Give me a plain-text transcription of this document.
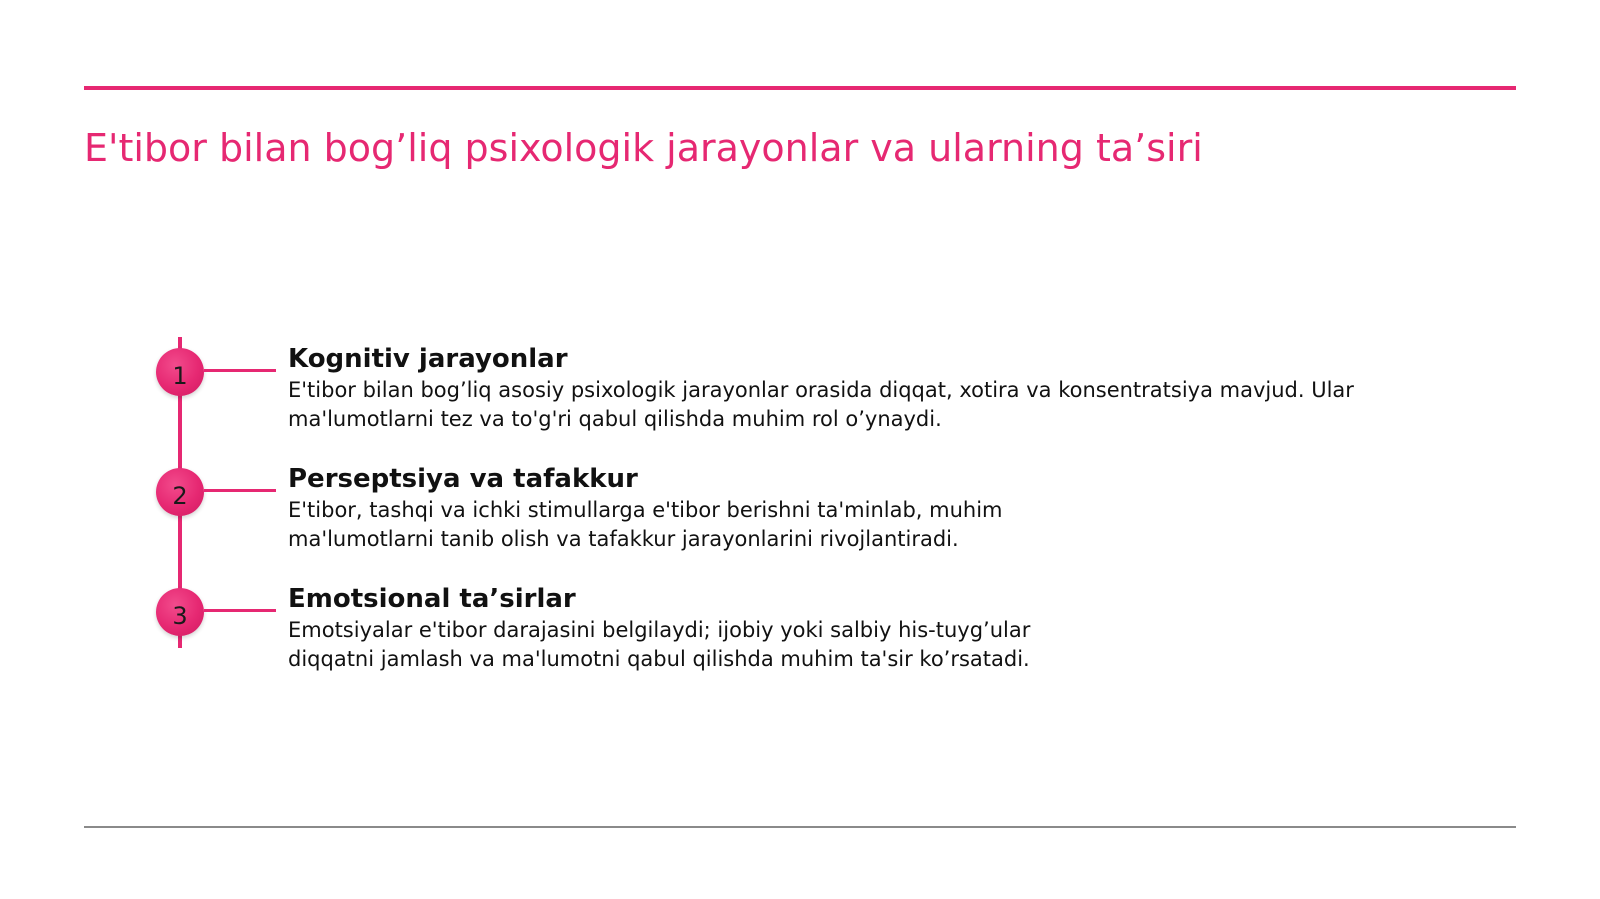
E'tibor bilan bog’liq psixologik jarayonlar va ularning ta’siri
1
Kognitiv jarayonlar

E'tibor bilan bog’liq asosiy psixologik jarayonlar orasida diqqat, xotira va konsentratsiya mavjud. Ular
ma'lumotlarni tez va to'g'ri qabul qilishda muhim rol o’ynaydi.

2
Perseptsiya va tafakkur

E'tibor, tashqi va ichki stimullarga e'tibor berishni ta'minlab, muhim
ma'lumotlarni tanib olish va tafakkur jarayonlarini rivojlantiradi.

3
Emotsional ta’sirlar

Emotsiyalar e'tibor darajasini belgilaydi; ijobiy yoki salbiy his-tuyg’ular
diqqatni jamlash va ma'lumotni qabul qilishda muhim ta'sir ko’rsatadi.
